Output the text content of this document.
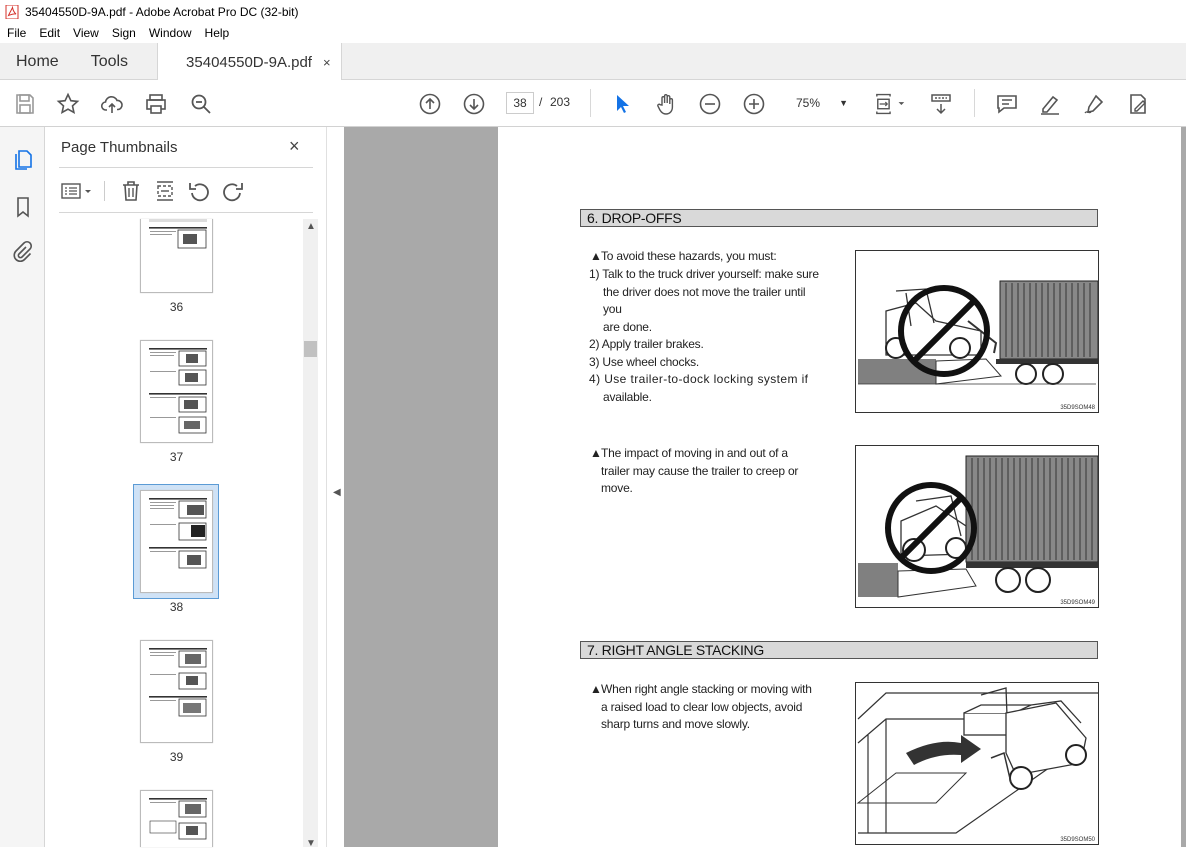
35404550D-9A.pdf - Adobe Acrobat Pro DC (32-bit)
File	Edit	View	Sign	Window	Help
Home	Tools	35404550D-9A.pdf ×
38	/ 203	75% ▼
Page Thumbnails	×
36
37
38
39
▲
▼
◀
6. DROP-OFFS
▲To avoid these hazards, you must:
1) Talk to the truck driver yourself: make sure
the driver does not move the trailer until you
are done.
2) Apply trailer brakes.
3) Use wheel chocks.
4) Use trailer-to-dock locking system if
available.
35D9SOM48
▲The impact of moving in and out of a
trailer may cause the trailer to creep or
move.
35D9SOM49
7. RIGHT ANGLE STACKING
▲When right angle stacking or moving with
a raised load to clear low objects, avoid
sharp turns and move slowly.
35D9SOM50
